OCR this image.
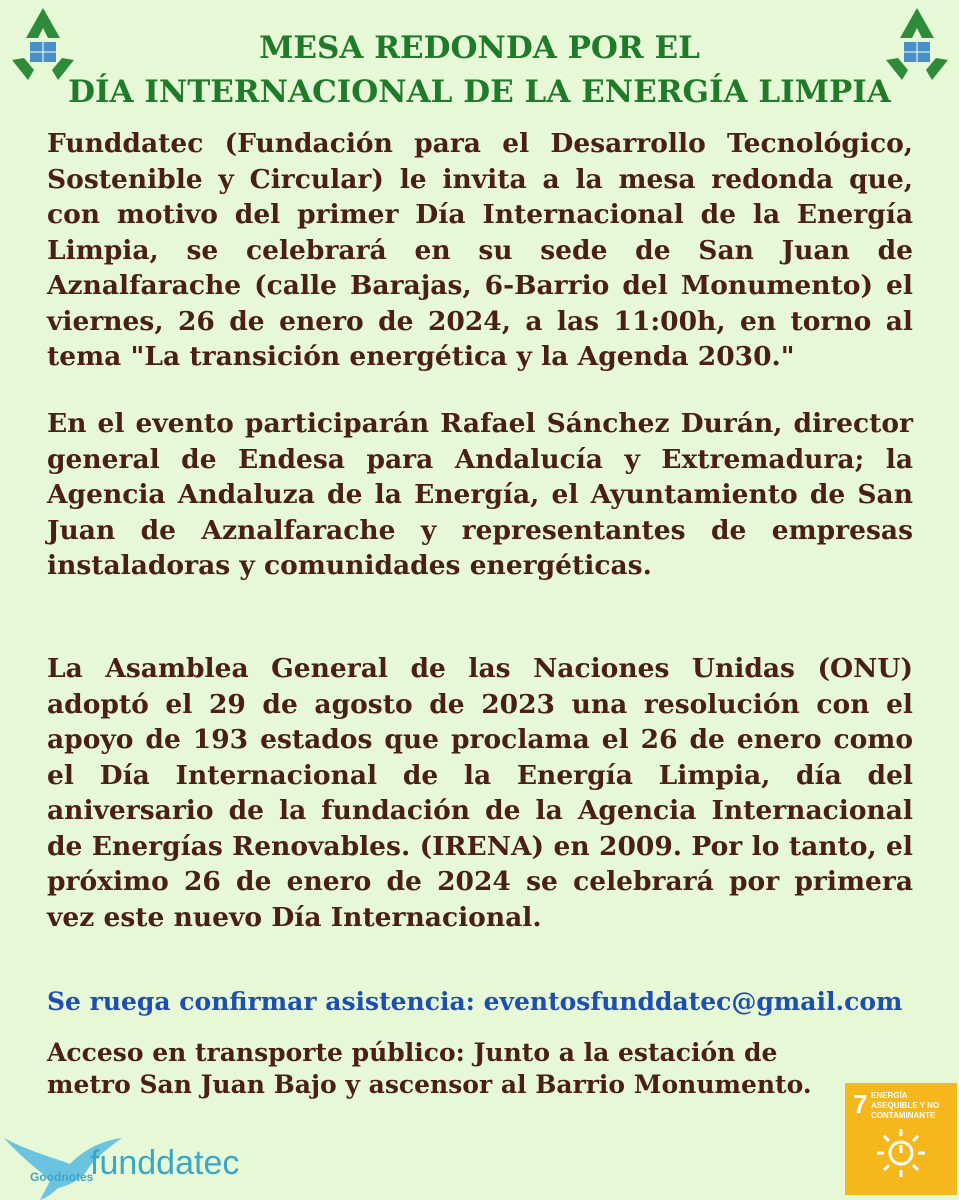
MESA REDONDA POR EL
DÍA INTERNACIONAL DE LA ENERGÍA LIMPIA

Funddatec (Fundación para el Desarrollo Tecnológico, Sostenible y Circular) le invita a la mesa redonda que, con motivo del primer Día Internacional de la Energía Limpia, se celebrará en su sede de San Juan de Aznalfarache (calle Barajas, 6-Barrio del Monumento) el viernes, 26 de enero de 2024, a las 11:00h, en torno al tema "La transición energética y la Agenda 2030."

En el evento participarán Rafael Sánchez Durán, director general de Endesa para Andalucía y Extremadura; la Agencia Andaluza de la Energía, el Ayuntamiento de San Juan de Aznalfarache y representantes de empresas instaladoras y comunidades energéticas.

La Asamblea General de las Naciones Unidas (ONU) adoptó el 29 de agosto de 2023 una resolución con el apoyo de 193 estados que proclama el 26 de enero como el Día Internacional de la Energía Limpia, día del aniversario de la fundación de la Agencia Internacional de Energías Renovables. (IRENA) en 2009. Por lo tanto, el próximo 26 de enero de 2024 se celebrará por primera vez este nuevo Día Internacional.

Se ruega confirmar asistencia: eventosfunddatec@gmail.com
Acceso en transporte público: Junto a la estación de metro San Juan Bajo y ascensor al Barrio Monumento.
7 ENERGÍA ASEQUIBLE Y NO CONTAMINANTE
funddatec
Goodnotes
